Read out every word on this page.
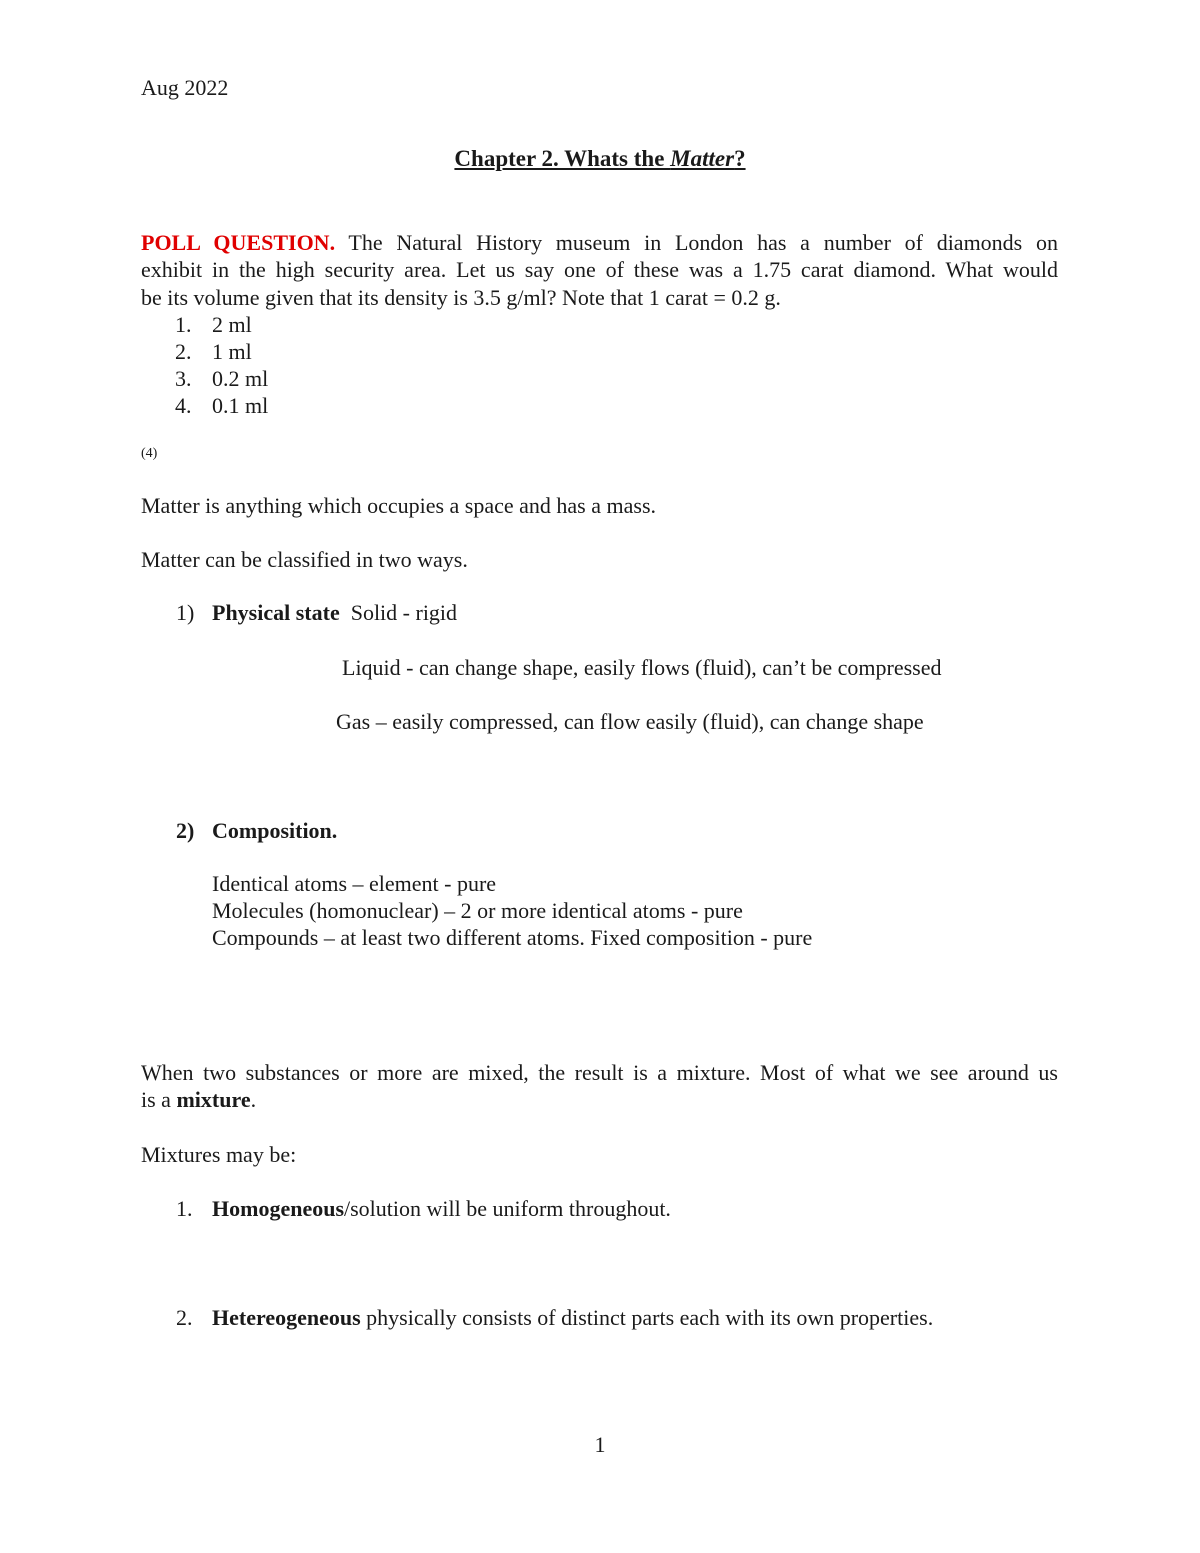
Aug 2022
Chapter 2. Whats the Matter?
POLL QUESTION. The Natural History museum in London has a number of diamonds on
exhibit in the high security area. Let us say one of these was a 1.75 carat diamond. What would
be its volume given that its density is 3.5 g/ml? Note that 1 carat = 0.2 g.
1. 2 ml
2. 1 ml
3. 0.2 ml
4. 0.1 ml
(4)
Matter is anything which occupies a space and has a mass.
Matter can be classified in two ways.
1) Physical state Solid - rigid
Liquid - can change shape, easily flows (fluid), can’t be compressed
Gas – easily compressed, can flow easily (fluid), can change shape
2) Composition.
Identical atoms – element - pure
Molecules (homonuclear) – 2 or more identical atoms - pure
Compounds – at least two different atoms. Fixed composition - pure
When two substances or more are mixed, the result is a mixture. Most of what we see around us
is a mixture.
Mixtures may be:
1. Homogeneous/solution will be uniform throughout.
2. Hetereogeneous physically consists of distinct parts each with its own properties.
1
